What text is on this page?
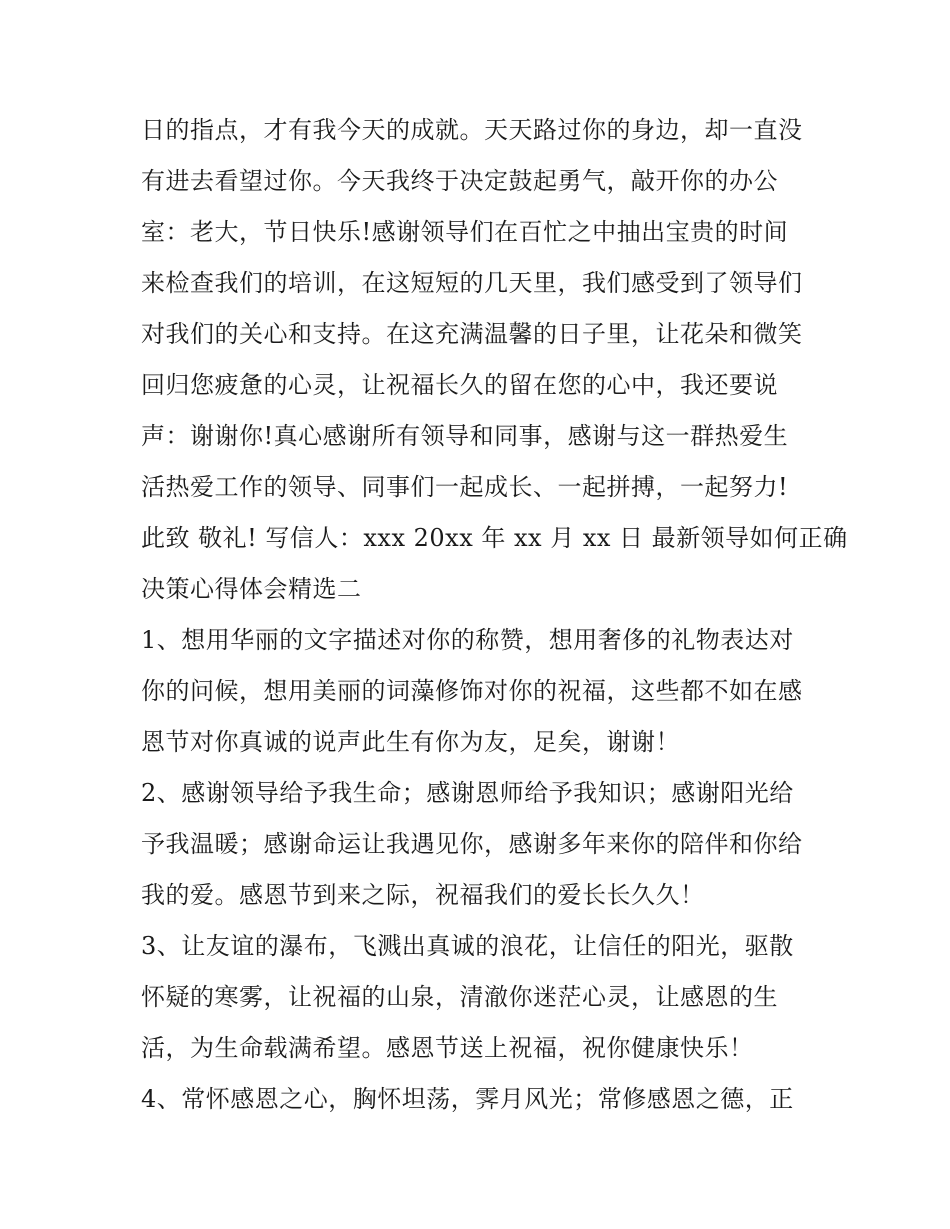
日的指点，才有我今天的成就。天天路过你的身边，却一直没
有进去看望过你。今天我终于决定鼓起勇气，敲开你的办公
室：老大，节日快乐!感谢领导们在百忙之中抽出宝贵的时间
来检查我们的培训，在这短短的几天里，我们感受到了领导们
对我们的关心和支持。在这充满温馨的日子里，让花朵和微笑
回归您疲惫的心灵，让祝福长久的留在您的心中，我还要说
声：谢谢你!真心感谢所有领导和同事，感谢与这一群热爱生
活热爱工作的领导、同事们一起成长、一起拼搏，一起努力!
此致 敬礼! 写信人：xxx 20xx 年 xx 月 xx 日 最新领导如何正确
决策心得体会精选二
1、想用华丽的文字描述对你的称赞，想用奢侈的礼物表达对
你的问候，想用美丽的词藻修饰对你的祝福，这些都不如在感
恩节对你真诚的说声此生有你为友，足矣，谢谢！
2、感谢领导给予我生命；感谢恩师给予我知识；感谢阳光给
予我温暖；感谢命运让我遇见你，感谢多年来你的陪伴和你给
我的爱。感恩节到来之际，祝福我们的爱长长久久！
3、让友谊的瀑布，飞溅出真诚的浪花，让信任的阳光，驱散
怀疑的寒雾，让祝福的山泉，清澈你迷茫心灵，让感恩的生
活，为生命载满希望。感恩节送上祝福，祝你健康快乐！
4、常怀感恩之心，胸怀坦荡，霁月风光；常修感恩之德，正
